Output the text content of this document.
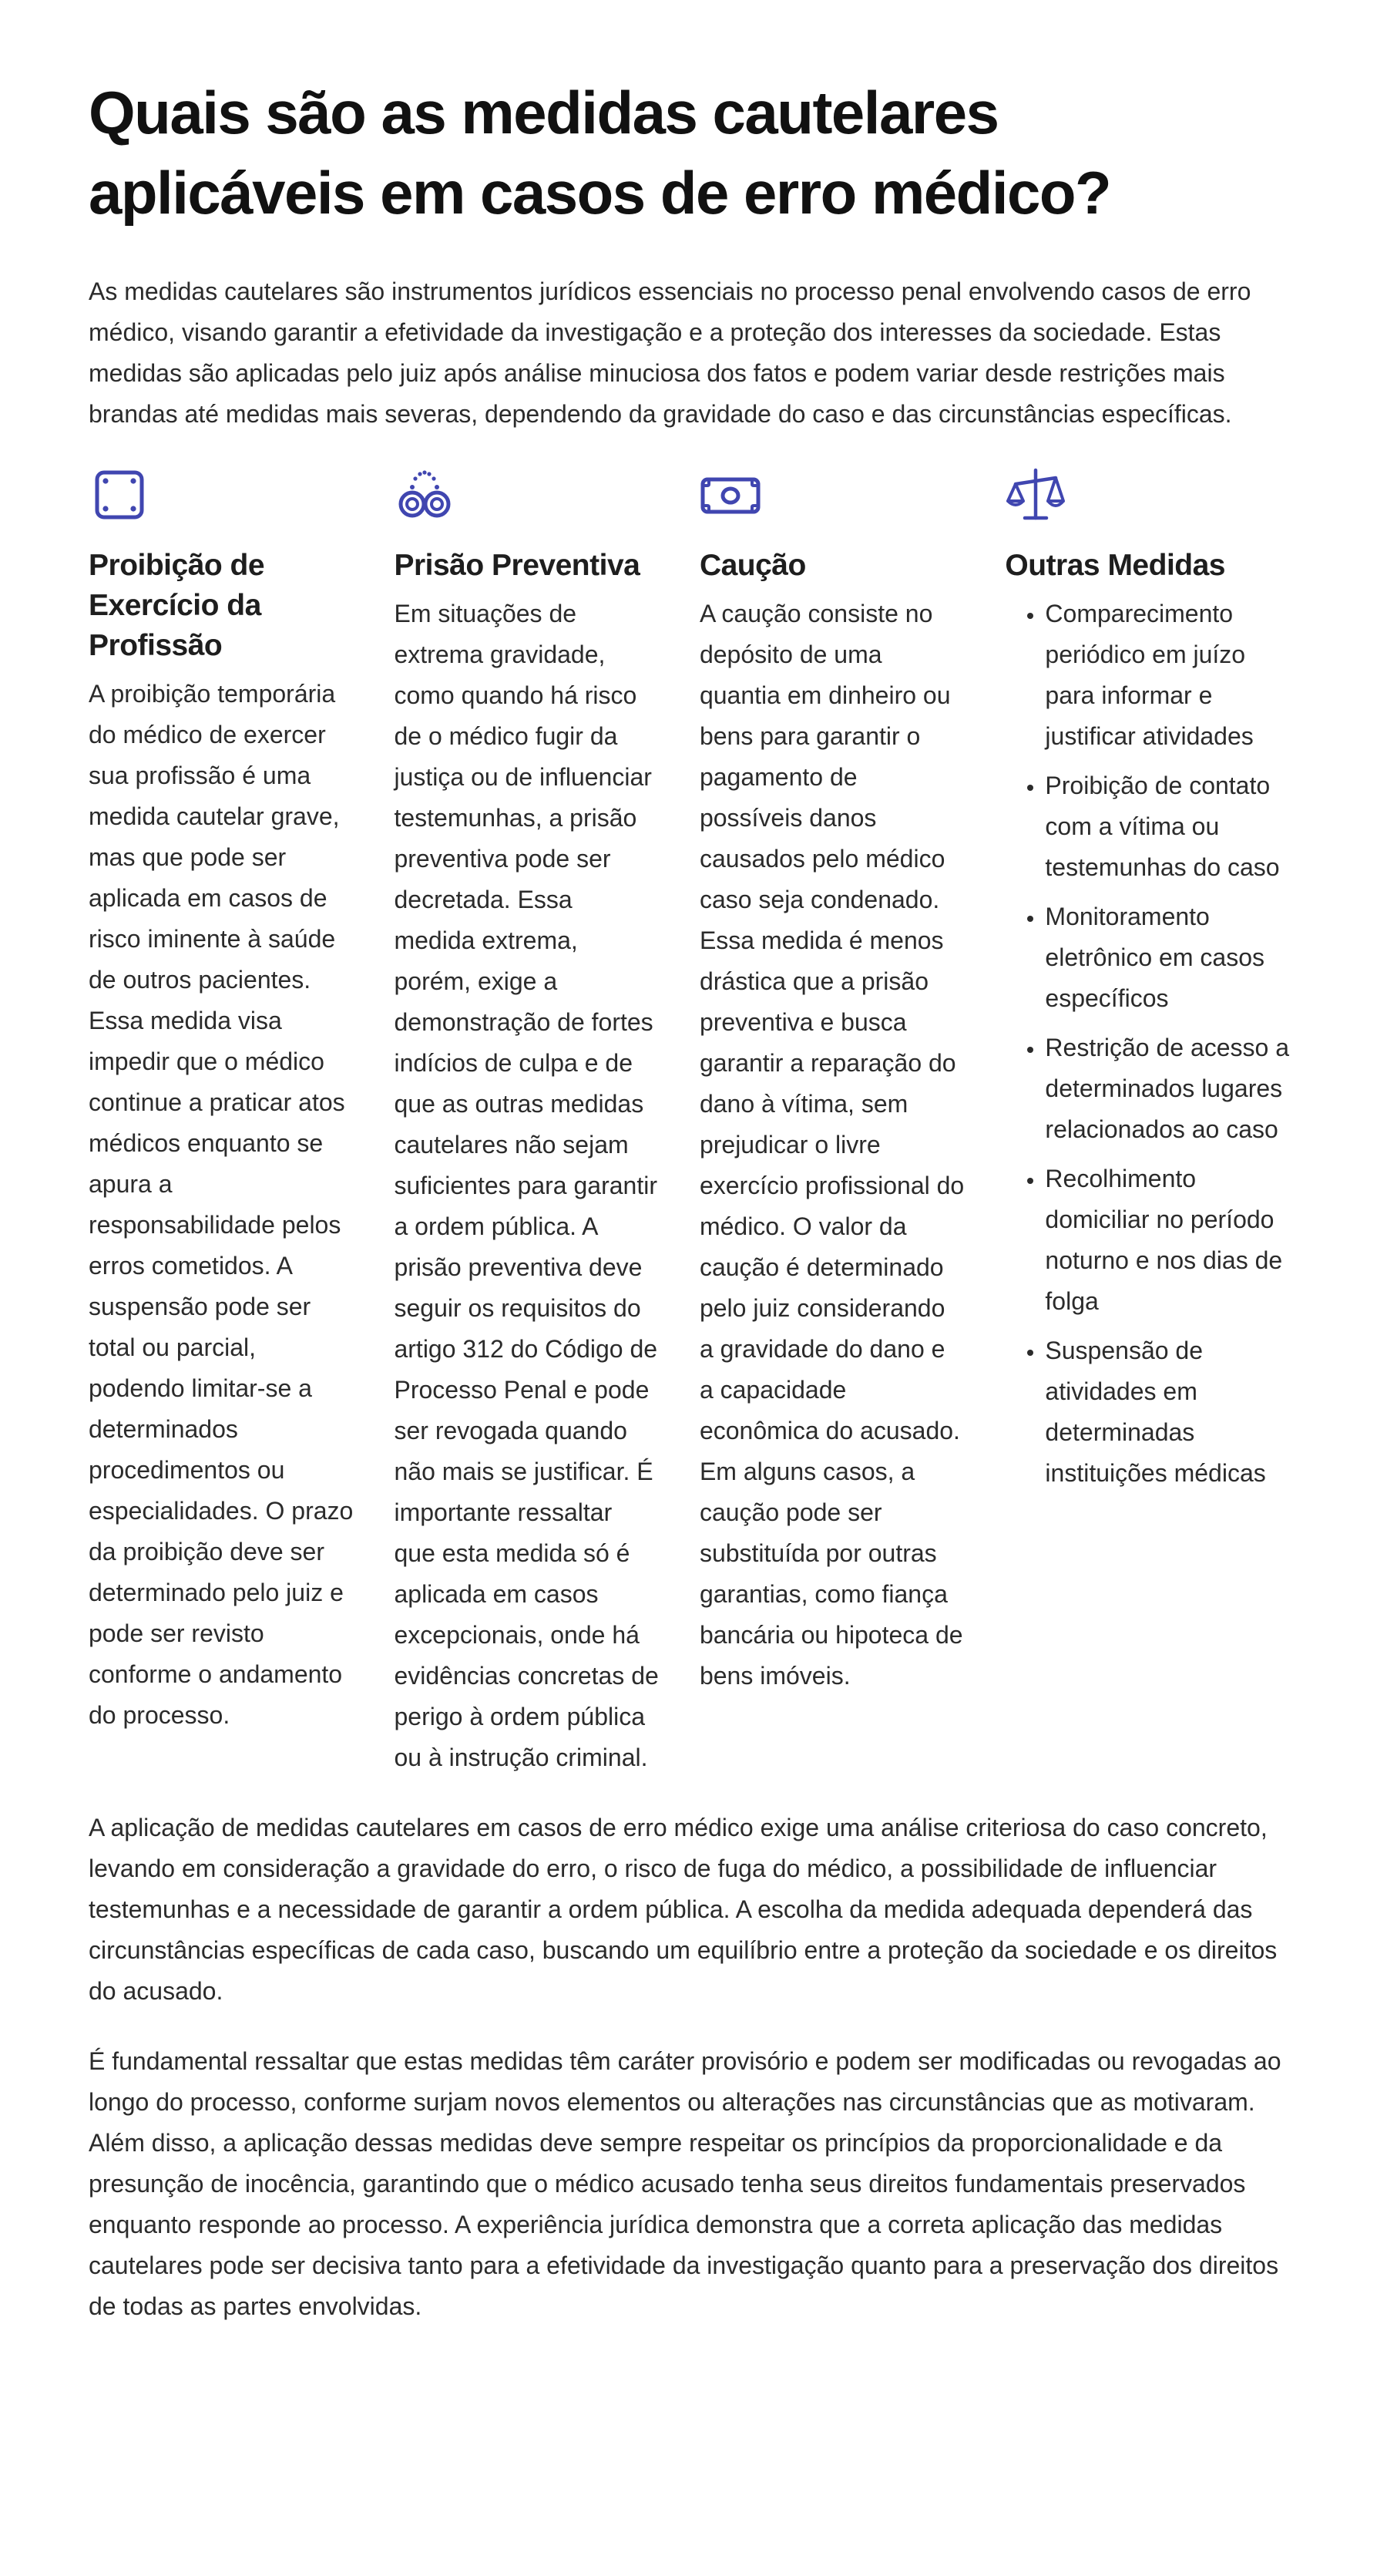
Quais são as medidas cautelares aplicáveis em casos de erro médico?

As medidas cautelares são instrumentos jurídicos essenciais no processo penal envolvendo casos de erro médico, visando garantir a efetividade da investigação e a proteção dos interesses da sociedade. Estas medidas são aplicadas pelo juiz após análise minuciosa dos fatos e podem variar desde restrições mais brandas até medidas mais severas, dependendo da gravidade do caso e das circunstâncias específicas.

Proibição de Exercício da Profissão

A proibição temporária do médico de exercer sua profissão é uma medida cautelar grave, mas que pode ser aplicada em casos de risco iminente à saúde de outros pacientes. Essa medida visa impedir que o médico continue a praticar atos médicos enquanto se apura a responsabilidade pelos erros cometidos. A suspensão pode ser total ou parcial, podendo limitar-se a determinados procedimentos ou especialidades. O prazo da proibição deve ser determinado pelo juiz e pode ser revisto conforme o andamento do processo.

Prisão Preventiva

Em situações de extrema gravidade, como quando há risco de o médico fugir da justiça ou de influenciar testemunhas, a prisão preventiva pode ser decretada. Essa medida extrema, porém, exige a demonstração de fortes indícios de culpa e de que as outras medidas cautelares não sejam suficientes para garantir a ordem pública. A prisão preventiva deve seguir os requisitos do artigo 312 do Código de Processo Penal e pode ser revogada quando não mais se justificar. É importante ressaltar que esta medida só é aplicada em casos excepcionais, onde há evidências concretas de perigo à ordem pública ou à instrução criminal.

Caução

A caução consiste no depósito de uma quantia em dinheiro ou bens para garantir o pagamento de possíveis danos causados pelo médico caso seja condenado. Essa medida é menos drástica que a prisão preventiva e busca garantir a reparação do dano à vítima, sem prejudicar o livre exercício profissional do médico. O valor da caução é determinado pelo juiz considerando a gravidade do dano e a capacidade econômica do acusado. Em alguns casos, a caução pode ser substituída por outras garantias, como fiança bancária ou hipoteca de bens imóveis.

Outras Medidas
• Comparecimento periódico em juízo para informar e justificar atividades
• Proibição de contato com a vítima ou testemunhas do caso
• Monitoramento eletrônico em casos específicos
• Restrição de acesso a determinados lugares relacionados ao caso
• Recolhimento domiciliar no período noturno e nos dias de folga
• Suspensão de atividades em determinadas instituições médicas

A aplicação de medidas cautelares em casos de erro médico exige uma análise criteriosa do caso concreto, levando em consideração a gravidade do erro, o risco de fuga do médico, a possibilidade de influenciar testemunhas e a necessidade de garantir a ordem pública. A escolha da medida adequada dependerá das circunstâncias específicas de cada caso, buscando um equilíbrio entre a proteção da sociedade e os direitos do acusado.

É fundamental ressaltar que estas medidas têm caráter provisório e podem ser modificadas ou revogadas ao longo do processo, conforme surjam novos elementos ou alterações nas circunstâncias que as motivaram. Além disso, a aplicação dessas medidas deve sempre respeitar os princípios da proporcionalidade e da presunção de inocência, garantindo que o médico acusado tenha seus direitos fundamentais preservados enquanto responde ao processo. A experiência jurídica demonstra que a correta aplicação das medidas cautelares pode ser decisiva tanto para a efetividade da investigação quanto para a preservação dos direitos de todas as partes envolvidas.
